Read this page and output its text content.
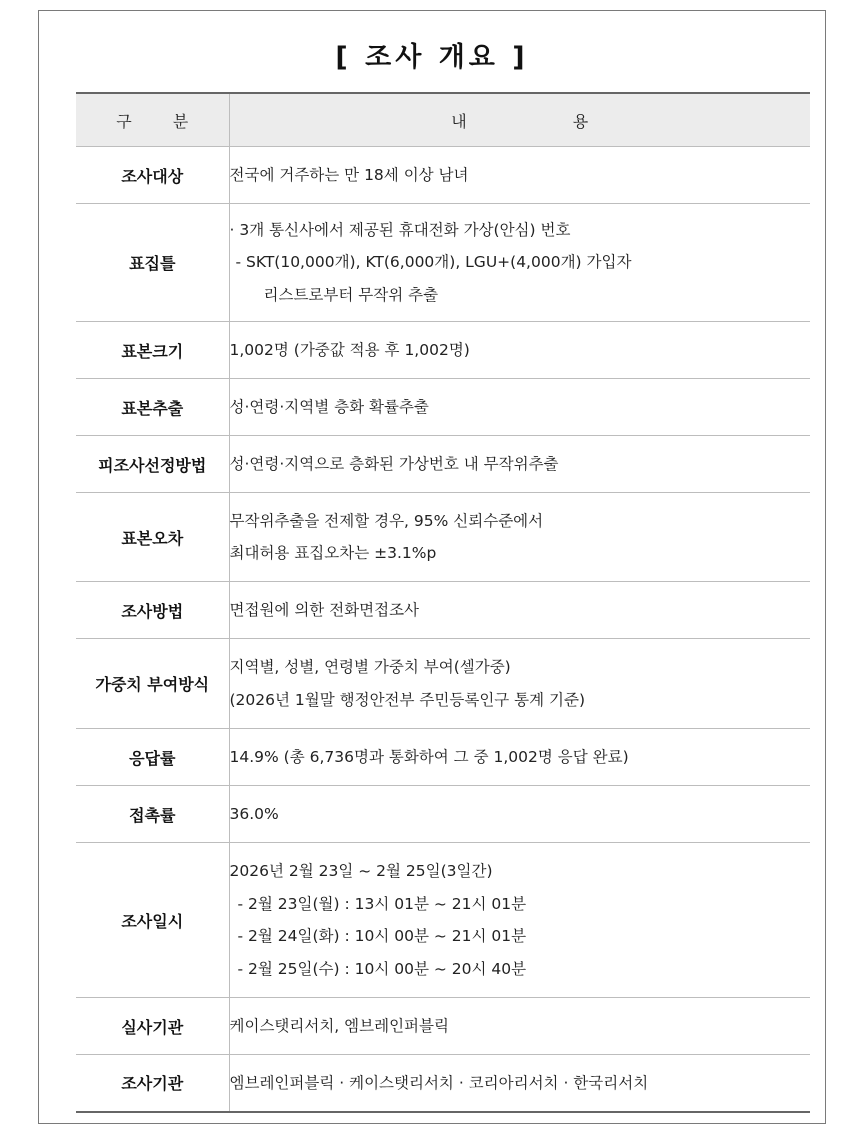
[ 조사 개요 ]
구 분	내 용

조사대상	전국에 거주하는 만 18세 이상 남녀

표집틀	· 3개 통신사에서 제공된 휴대전화 가상(안심) 번호
- SKT(10,000개), KT(6,000개), LGU+(4,000개) 가입자
리스트로부터 무작위 추출

표본크기	1,002명 (가중값 적용 후 1,002명)

표본추출	성·연령·지역별 층화 확률추출

피조사선정방법	성·연령·지역으로 층화된 가상번호 내 무작위추출

표본오차	무작위추출을 전제할 경우, 95% 신뢰수준에서
최대허용 표집오차는 ±3.1%p

조사방법	면접원에 의한 전화면접조사

가중치 부여방식	지역별, 성별, 연령별 가중치 부여(셀가중)
(2026년 1월말 행정안전부 주민등록인구 통계 기준)

응답률	14.9% (총 6,736명과 통화하여 그 중 1,002명 응답 완료)

접촉률	36.0%

조사일시	2026년 2월 23일 ~ 2월 25일(3일간)
- 2월 23일(월) : 13시 01분 ~ 21시 01분
- 2월 24일(화) : 10시 00분 ~ 21시 01분
- 2월 25일(수) : 10시 00분 ~ 20시 40분

실사기관	케이스탯리서치, 엠브레인퍼블릭

조사기관	엠브레인퍼블릭 · 케이스탯리서치 · 코리아리서치 · 한국리서치
